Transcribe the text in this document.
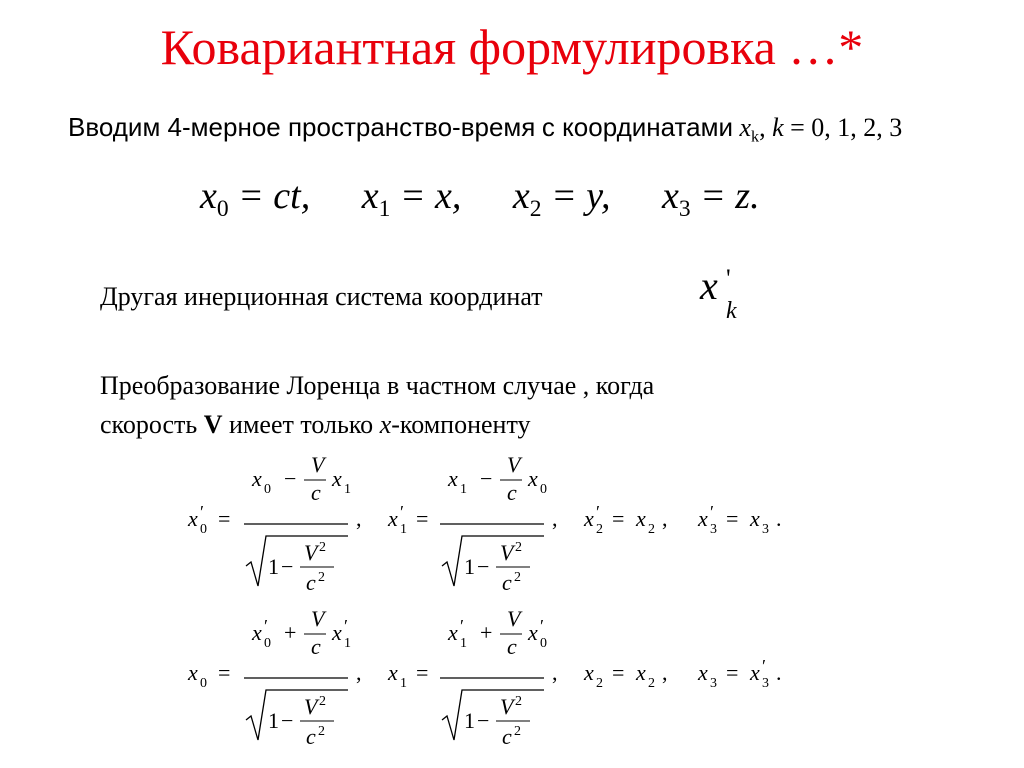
Ковариантная формулировка …*
Вводим 4-мерное пространство-время с координатами $x_k$, k = 0, 1, 2, 3
$x_0$ = ct, $x_1 = x$, $x_2 = y$, $x_3 = z$.
Другая инерционная система координат	x '
k
Преобразование Лоренца в частном случае , когда
скорость V имеет только x-компоненту
x ′
0 =
x 0 −
V
c
x 1
1 −
V 2
c 2
, x ′
1 =
x 1 −
V
c
x 0
1 −
V 2
c 2
, x ′
2 = x 2 , x ′
3 = x 3 .
x 0 =
x ′
0 +
V
c
x ′
1
1 −
V 2
c 2
, x 1 =
x ′
1 +
V
c
x ′
0
1 −
V 2
c 2
, x 2 = x 2 , x 3 = x ′
3 .
